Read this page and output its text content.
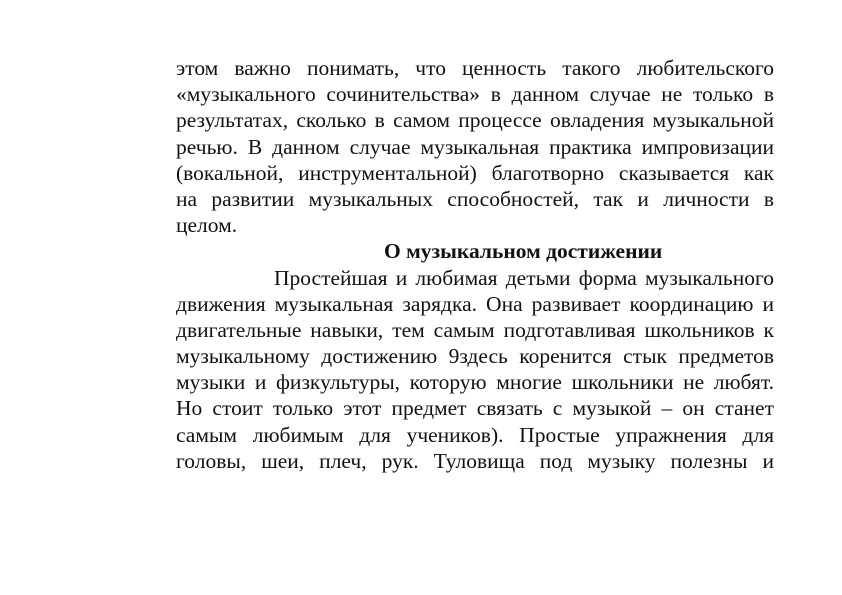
этом важно понимать, что ценность такого любительского
«музыкального сочинительства» в данном случае не только в
результатах, сколько в самом процессе овладения музыкальной
речью. В данном случае музыкальная практика импровизации
(вокальной, инструментальной) благотворно сказывается как
на развитии музыкальных способностей, так и личности в
целом.
О музыкальном достижении
Простейшая и любимая детьми форма музыкального
движения музыкальная зарядка. Она развивает координацию и
двигательные навыки, тем самым подготавливая школьников к
музыкальному достижению 9здесь коренится стык предметов
музыки и физкультуры, которую многие школьники не любят.
Но стоит только этот предмет связать с музыкой – он станет
самым любимым для учеников). Простые упражнения для
головы, шеи, плеч, рук. Туловища под музыку полезны и
